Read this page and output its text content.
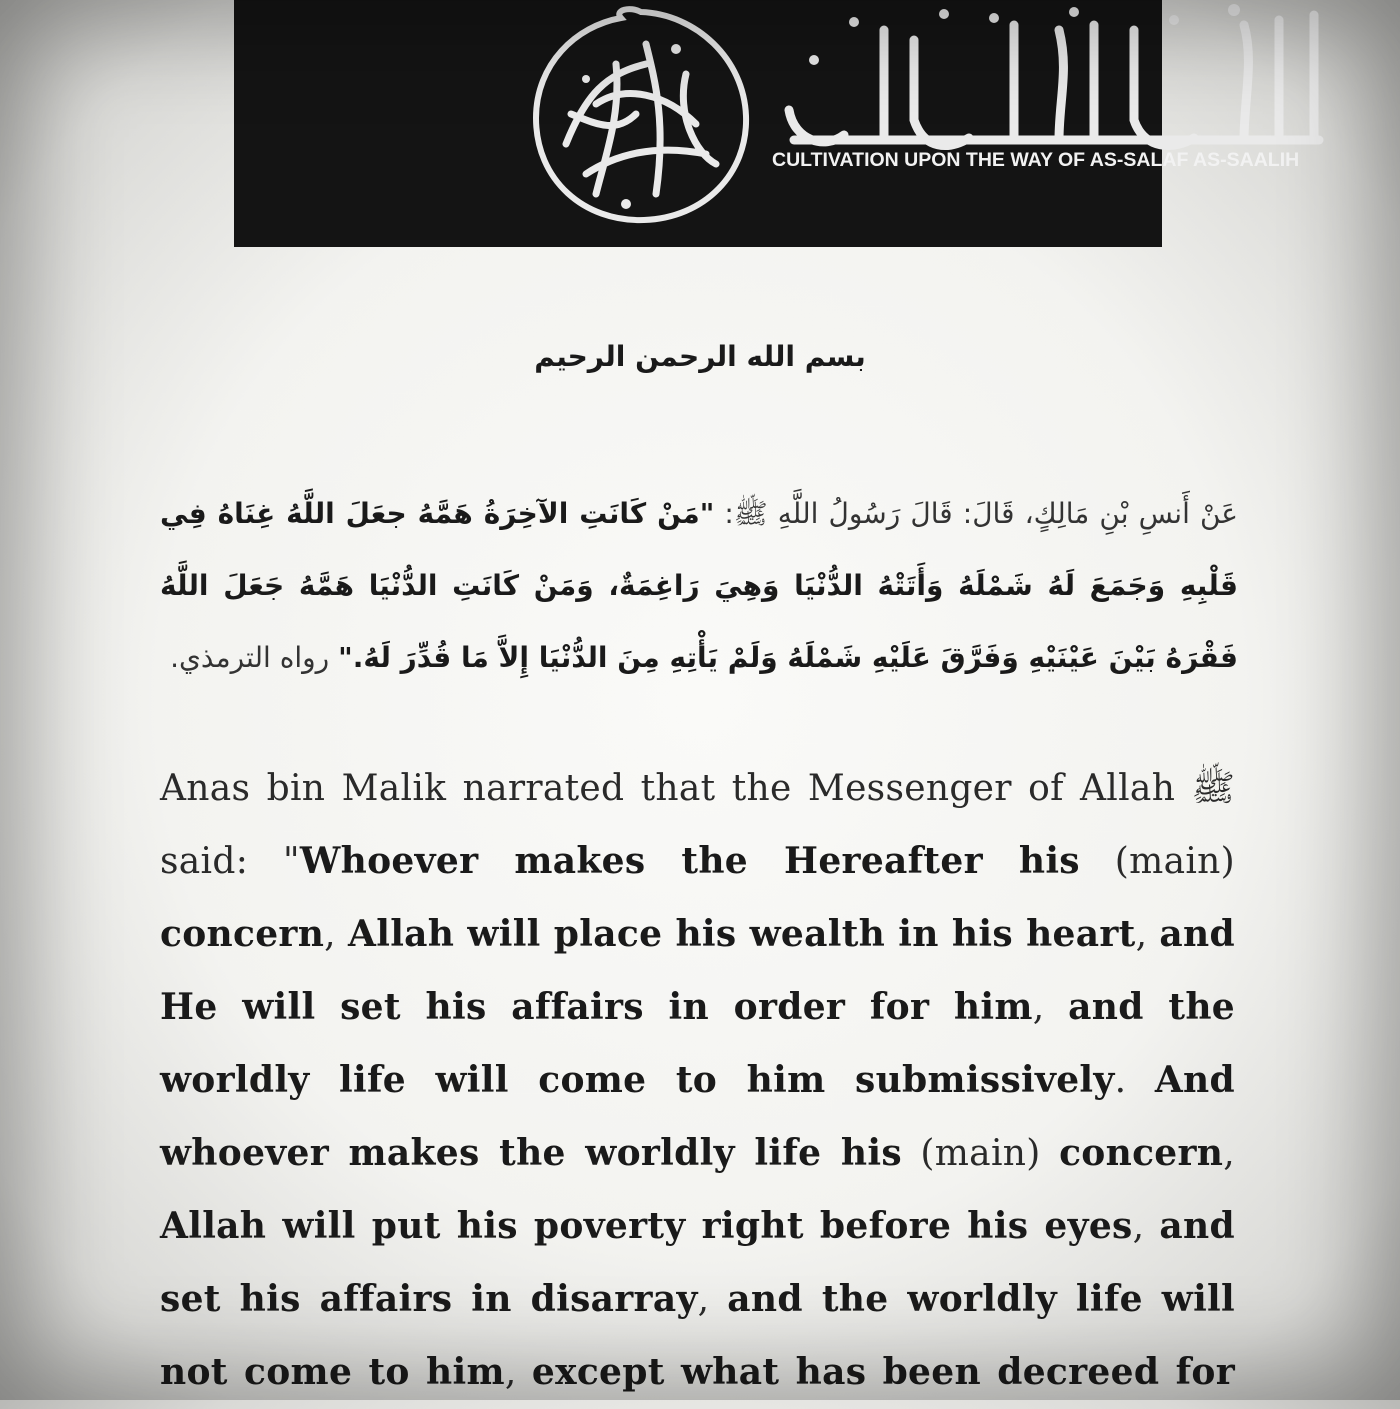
CULTIVATION UPON THE WAY OF AS-SALAF AS-SAALIH
بسم الله الرحمن الرحيم
عَنْ أَنسِ بْنِ مَالِكٍ، قَالَ: قَالَ رَسُولُ اللَّهِ ﷺ: "مَنْ كَانَتِ الآخِرَةُ هَمَّهُ جعَلَ اللَّهُ غِنَاهُ فِي قَلْبِهِ وَجَمَعَ لَهُ شَمْلَهُ وَأَتَتْهُ الدُّنْيَا وَهِيَ رَاغِمَةٌ، وَمَنْ كَانَتِ الدُّنْيَا هَمَّهُ جَعَلَ اللَّهُ فَقْرَهُ بَيْنَ عَيْنَيْهِ وَفَرَّقَ عَلَيْهِ شَمْلَهُ وَلَمْ يَأْتِهِ مِنَ الدُّنْيَا إِلاَّ مَا قُدِّرَ لَهُ." رواه الترمذي.
Anas bin Malik narrated that the Messenger of Allah ﷺ said: "Whoever makes the Hereafter his (main) concern, Allah will place his wealth in his heart, and He will set his affairs in order for him, and the worldly life will come to him submissively. And whoever makes the worldly life his (main) concern, Allah will put his poverty right before his eyes, and set his affairs in disarray, and the worldly life will not come to him, except what has been decreed for
